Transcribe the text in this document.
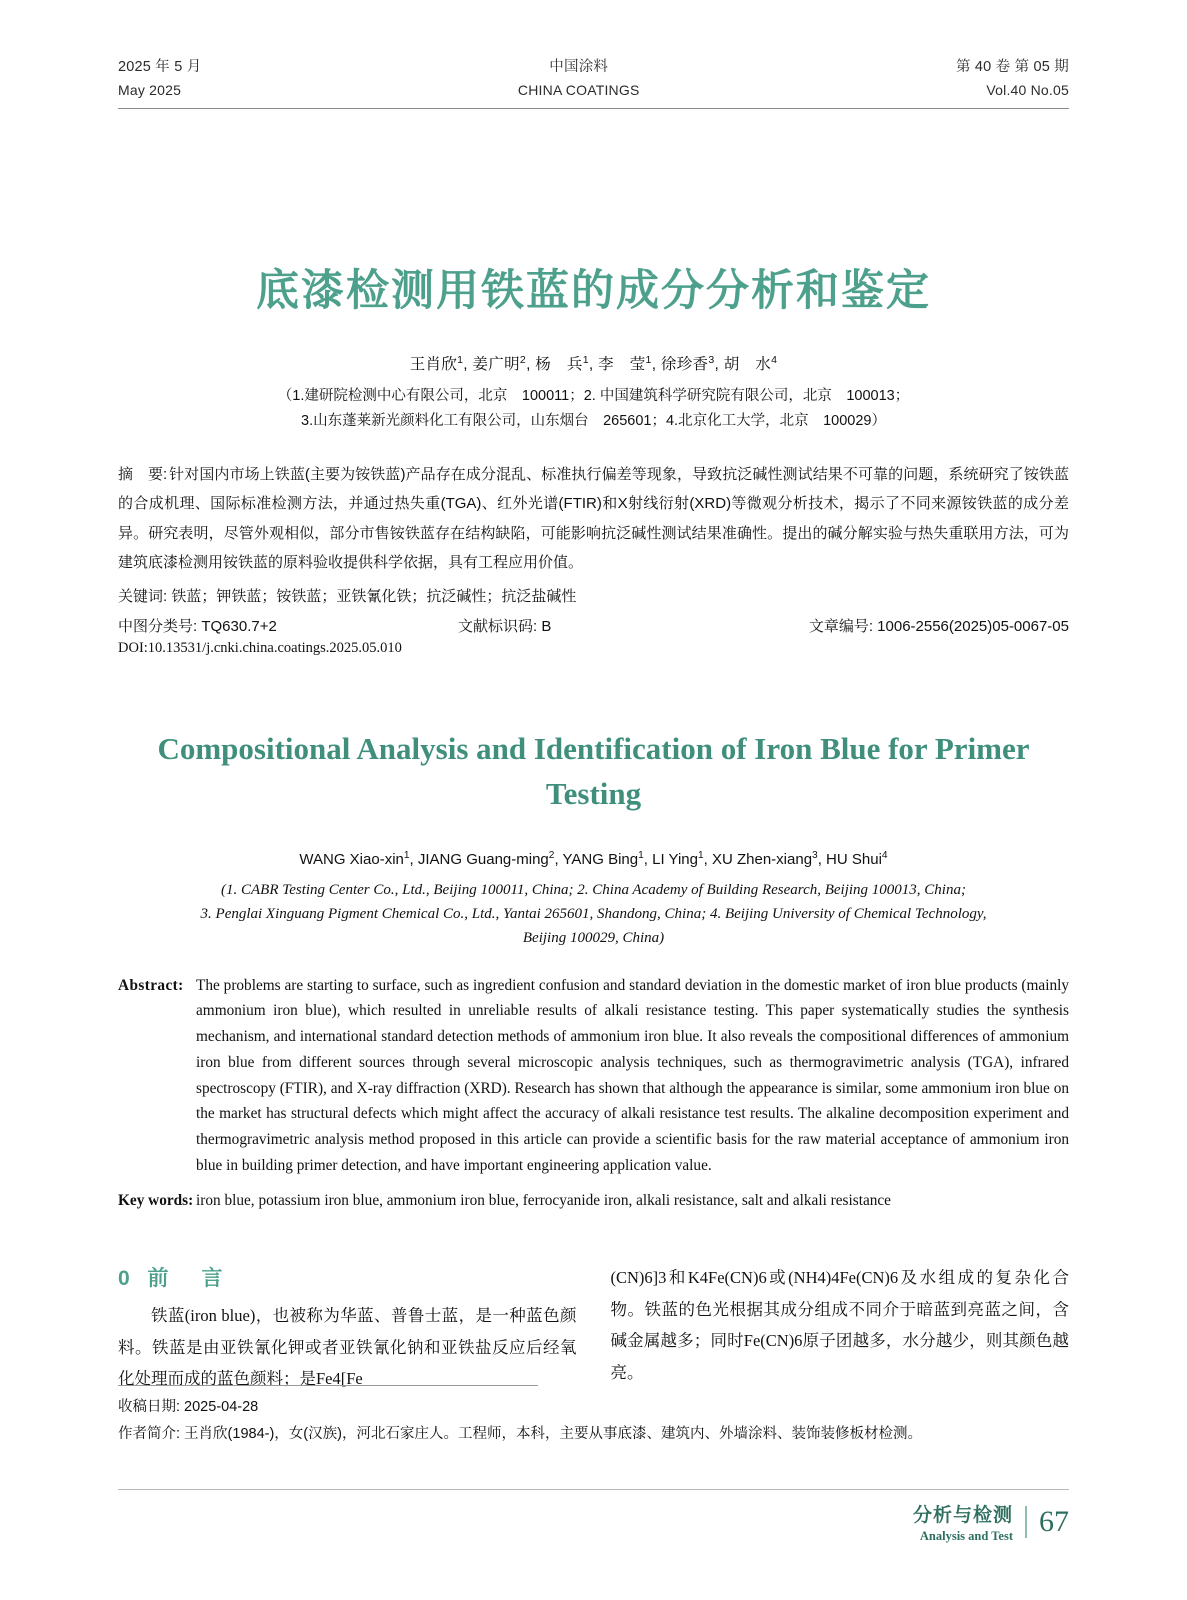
2025 年 5 月
May 2025
中国涂料
CHINA COATINGS
第 40 卷 第 05 期
Vol.40 No.05
底漆检测用铁蓝的成分分析和鉴定
王肖欣$^1$, 姜广明$^2$, 杨　兵$^1$, 李　莹$^1$, 徐珍香$^3$, 胡　水$^4$
（1.建研院检测中心有限公司，北京　100011；2. 中国建筑科学研究院有限公司，北京　100013；
3.山东蓬莱新光颜料化工有限公司，山东烟台　265601；4.北京化工大学，北京　100029）

摘　要: 针对国内市场上铁蓝(主要为铵铁蓝)产品存在成分混乱、标准执行偏差等现象，导致抗泛碱性测试结果不可靠的问题，系统研究了铵铁蓝的合成机理、国际标准检测方法，并通过热失重(TGA)、红外光谱(FTIR)和X射线衍射(XRD)等微观分析技术，揭示了不同来源铵铁蓝的成分差异。研究表明，尽管外观相似，部分市售铵铁蓝存在结构缺陷，可能影响抗泛碱性测试结果准确性。提出的碱分解实验与热失重联用方法，可为建筑底漆检测用铵铁蓝的原料验收提供科学依据，具有工程应用价值。

关键词: 铁蓝；钾铁蓝；铵铁蓝；亚铁氰化铁；抗泛碱性；抗泛盐碱性
中图分类号: TQ630.7+2	文献标识码: B	文章编号: 1006-2556(2025)05-0067-05
DOI:10.13531/j.cnki.china.coatings.2025.05.010
Compositional Analysis and Identification of Iron Blue for Primer Testing
WANG Xiao-xin$^1$, JIANG Guang-ming$^2$, YANG Bing$^1$, LI Ying$^1$, XU Zhen-xiang$^3$, HU Shui$^4$
(1. CABR Testing Center Co., Ltd., Beijing 100011, China; 2. China Academy of Building Research, Beijing 100013, China;
3. Penglai Xinguang Pigment Chemical Co., Ltd., Yantai 265601, Shandong, China; 4. Beijing University of Chemical Technology,
Beijing 100029, China)
Abstract: The problems are starting to surface, such as ingredient confusion and standard deviation in the domestic market of iron blue products (mainly ammonium iron blue), which resulted in unreliable results of alkali resistance testing. This paper systematically studies the synthesis mechanism, and international standard detection methods of ammonium iron blue. It also reveals the compositional differences of ammonium iron blue from different sources through several microscopic analysis techniques, such as thermogravimetric analysis (TGA), infrared spectroscopy (FTIR), and X-ray diffraction (XRD). Research has shown that although the appearance is similar, some ammonium iron blue on the market has structural defects which might affect the accuracy of alkali resistance test results. The alkaline decomposition experiment and thermogravimetric analysis method proposed in this article can provide a scientific basis for the raw material acceptance of ammonium iron blue in building primer detection, and have important engineering application value.
Key words: iron blue, potassium iron blue, ammonium iron blue, ferrocyanide iron, alkali resistance, salt and alkali resistance
0 前　言

铁蓝(iron blue)，也被称为华蓝、普鲁士蓝，是一种蓝色颜料。铁蓝是由亚铁氰化钾或者亚铁氰化钠和亚铁盐反应后经氧化处理而成的蓝色颜料；是Fe4[Fe

(CN)6]3和K4Fe(CN)6或(NH4)4Fe(CN)6及水组成的复杂化合物。铁蓝的色光根据其成分组成不同介于暗蓝到亮蓝之间，含碱金属越多；同时Fe(CN)6原子团越多，水分越少，则其颜色越亮。

收稿日期: 2025-04-28
作者简介: 王肖欣(1984-)，女(汉族)，河北石家庄人。工程师，本科，主要从事底漆、建筑内、外墙涂料、装饰装修板材检测。
分析与检测
Analysis and Test 67
